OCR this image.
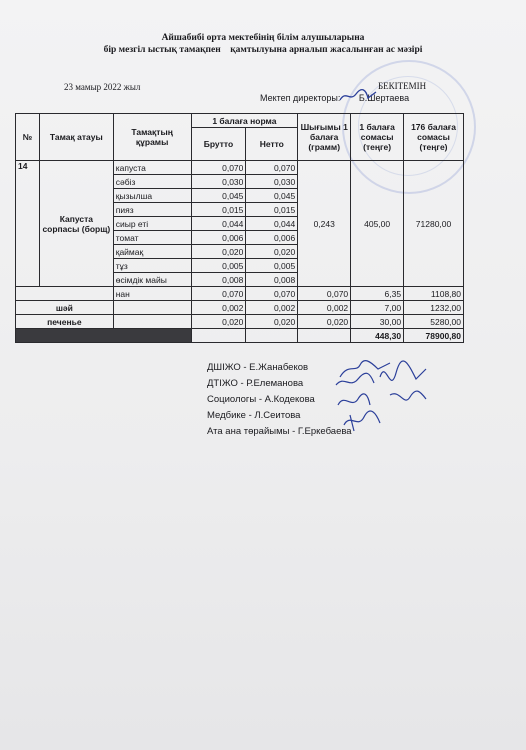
Айшабибі орта мектебінің білім алушыларына
бір мезгіл ыстық тамақпен    қамтылуына арналып жасалынған ас мәзірі
23 мамыр 2022 жыл	БЕКІТЕМІН
Мектеп директоры: Б.Шертаева
№	Тамақ атауы	Тамақтың құрамы	1 балаға норма		Шығымы 1 балаға (грамм)	1 балаға сомасы (теңге)	176 балаға сомасы (теңге)
			Брутто	Нетто			
14	Капуста сорпасы (борщ)	капуста	0,070	0,070	0,243	405,00	71280,00
		сәбіз	0,030	0,030			
		қызылша	0,045	0,045			
		пияз	0,015	0,015			
		сиыр еті	0,044	0,044			
		томат	0,006	0,006			
		қаймақ	0,020	0,020			
		тұз	0,005	0,005			
		өсімдік майы	0,008	0,008			
		нан	0,070	0,070	0,070	6,35	1108,80
шәй			0,002	0,002	0,002	7,00	1232,00
печенье			0,020	0,020	0,020	30,00	5280,00
						448,30	78900,80
ДШІЖО - Е.Жанабеков
ДТІЖО - Р.Елеманова
Социологы - А.Кодекова
Медбике - Л.Сеитова
Ата ана төрайымы - Г.Еркебаева
